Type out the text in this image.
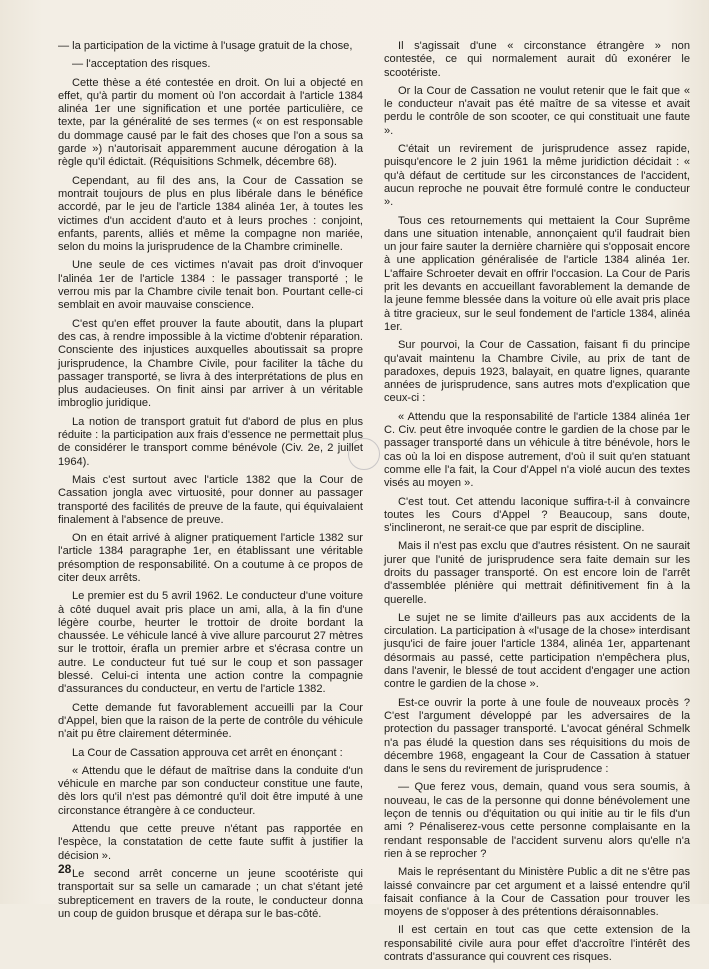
— la participation de la victime à l'usage gratuit de la chose,

— l'acceptation des risques.

Cette thèse a été contestée en droit. On lui a objecté en effet, qu'à partir du moment où l'on accordait à l'article 1384 alinéa 1er une signification et une portée particulière, ce texte, par la généralité de ses termes (« on est responsable du dommage causé par le fait des choses que l'on a sous sa garde ») n'autorisait apparemment aucune dérogation à la règle qu'il édictait. (Réquisitions Schmelk, décembre 68).

Cependant, au fil des ans, la Cour de Cassation se montrait toujours de plus en plus libérale dans le bénéfice accordé, par le jeu de l'article 1384 alinéa 1er, à toutes les victimes d'un accident d'auto et à leurs proches : conjoint, enfants, parents, alliés et même la compagne non mariée, selon du moins la jurisprudence de la Chambre criminelle.

Une seule de ces victimes n'avait pas droit d'invoquer l'alinéa 1er de l'article 1384 : le passager transporté ; le verrou mis par la Chambre civile tenait bon. Pourtant celle-ci semblait en avoir mauvaise conscience.

C'est qu'en effet prouver la faute aboutit, dans la plupart des cas, à rendre impossible à la victime d'obtenir réparation. Consciente des injustices auxquelles aboutissait sa propre jurisprudence, la Chambre Civile, pour faciliter la tâche du passager transporté, se livra à des interprétations de plus en plus audacieuses. On finit ainsi par arriver à un véritable imbroglio juridique.

La notion de transport gratuit fut d'abord de plus en plus réduite : la participation aux frais d'essence ne permettait plus de considérer le transport comme bénévole (Civ. 2e, 2 juillet 1964).

Mais c'est surtout avec l'article 1382 que la Cour de Cassation jongla avec virtuosité, pour donner au passager transporté des facilités de preuve de la faute, qui équivalaient finalement à l'absence de preuve.

On en était arrivé à aligner pratiquement l'article 1382 sur l'article 1384 paragraphe 1er, en établissant une véritable présomption de responsabilité. On a coutume à ce propos de citer deux arrêts.

Le premier est du 5 avril 1962. Le conducteur d'une voiture à côté duquel avait pris place un ami, alla, à la fin d'une légère courbe, heurter le trottoir de droite bordant la chaussée. Le véhicule lancé à vive allure parcourut 27 mètres sur le trottoir, érafla un premier arbre et s'écrasa contre un autre. Le conducteur fut tué sur le coup et son passager blessé. Celui-ci intenta une action contre la compagnie d'assurances du conducteur, en vertu de l'article 1382.

Cette demande fut favorablement accueilli par la Cour d'Appel, bien que la raison de la perte de contrôle du véhicule n'ait pu être clairement déterminée.

La Cour de Cassation approuva cet arrêt en énonçant :

« Attendu que le défaut de maîtrise dans la conduite d'un véhicule en marche par son conducteur constitue une faute, dès lors qu'il n'est pas démontré qu'il doit être imputé à une circonstance étrangère à ce conducteur.

Attendu que cette preuve n'étant pas rapportée en l'espèce, la constatation de cette faute suffit à justifier la décision ».

Le second arrêt concerne un jeune scootériste qui transportait sur sa selle un camarade ; un chat s'étant jeté subrepticement en travers de la route, le conducteur donna un coup de guidon brusque et dérapa sur le bas-côté.

Il s'agissait d'une « circonstance étrangère » non contestée, ce qui normalement aurait dû exonérer le scootériste.

Or la Cour de Cassation ne voulut retenir que le fait que « le conducteur n'avait pas été maître de sa vitesse et avait perdu le contrôle de son scooter, ce qui constituait une faute ».

C'était un revirement de jurisprudence assez rapide, puisqu'encore le 2 juin 1961 la même juridiction décidait : « qu'à défaut de certitude sur les circonstances de l'accident, aucun reproche ne pouvait être formulé contre le conducteur ».

Tous ces retournements qui mettaient la Cour Suprême dans une situation intenable, annonçaient qu'il faudrait bien un jour faire sauter la dernière charnière qui s'opposait encore à une application généralisée de l'article 1384 alinéa 1er. L'affaire Schroeter devait en offrir l'occasion. La Cour de Paris prit les devants en accueillant favorablement la demande de la jeune femme blessée dans la voiture où elle avait pris place à titre gracieux, sur le seul fondement de l'article 1384, alinéa 1er.

Sur pourvoi, la Cour de Cassation, faisant fi du principe qu'avait maintenu la Chambre Civile, au prix de tant de paradoxes, depuis 1923, balayait, en quatre lignes, quarante années de jurisprudence, sans autres mots d'explication que ceux-ci :

« Attendu que la responsabilité de l'article 1384 alinéa 1er C. Civ. peut être invoquée contre le gardien de la chose par le passager transporté dans un véhicule à titre bénévole, hors le cas où la loi en dispose autrement, d'où il suit qu'en statuant comme elle l'a fait, la Cour d'Appel n'a violé aucun des textes visés au moyen ».

C'est tout. Cet attendu laconique suffira-t-il à convaincre toutes les Cours d'Appel ? Beaucoup, sans doute, s'inclineront, ne serait-ce que par esprit de discipline.

Mais il n'est pas exclu que d'autres résistent. On ne saurait jurer que l'unité de jurisprudence sera faite demain sur les droits du passager transporté. On est encore loin de l'arrêt d'assemblée plénière qui mettrait définitivement fin à la querelle.

Le sujet ne se limite d'ailleurs pas aux accidents de la circulation. La participation à «l'usage de la chose» interdisant jusqu'ici de faire jouer l'article 1384, alinéa 1er, appartenant désormais au passé, cette participation n'empêchera plus, dans l'avenir, le blessé de tout accident d'engager une action contre le gardien de la chose ».

Est-ce ouvrir la porte à une foule de nouveaux procès ? C'est l'argument développé par les adversaires de la protection du passager transporté. L'avocat général Schmelk n'a pas éludé la question dans ses réquisitions du mois de décembre 1968, engageant la Cour de Cassation à statuer dans le sens du revirement de jurisprudence :

— Que ferez vous, demain, quand vous sera soumis, à nouveau, le cas de la personne qui donne bénévolement une leçon de tennis ou d'équitation ou qui initie au tir le fils d'un ami ? Pénaliserez-vous cette personne complaisante en la rendant responsable de l'accident survenu alors qu'elle n'a rien à se reprocher ?

Mais le représentant du Ministère Public a dit ne s'être pas laissé convaincre par cet argument et a laissé entendre qu'il faisait confiance à la Cour de Cassation pour trouver les moyens de s'opposer à des prétentions déraisonnables.

Il est certain en tout cas que cette extension de la responsabilité civile aura pour effet d'accroître l'intérêt des contrats d'assurance qui couvrent ces risques.

28
